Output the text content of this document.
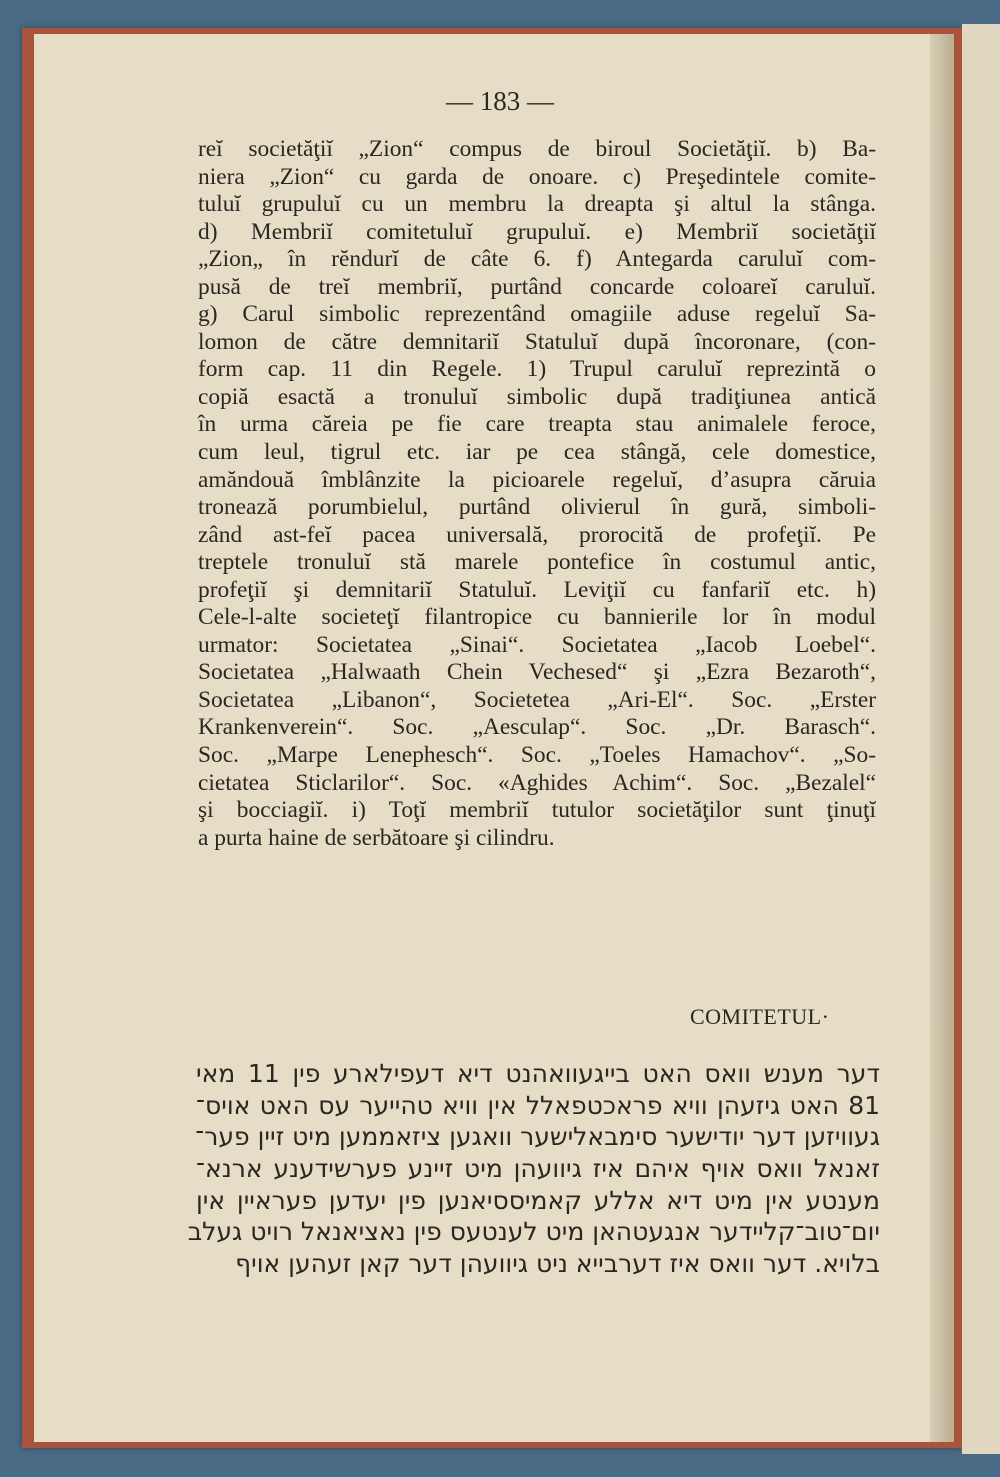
— 183 —
reĭ societăţiĭ „Zion“ compus de biroul Societăţiĭ. b) Ba-
niera „Zion“ cu garda de onoare. c) Preşedintele comite-
tuluĭ grupuluĭ cu un membru la dreapta şi altul la stânga.
d) Membriĭ comitetuluĭ grupuluĭ. e) Membriĭ societăţiĭ
„Zion„ în rĕndurĭ de câte 6. f) Antegarda caruluĭ com-
pusă de treĭ membriĭ, purtând concarde coloareĭ caruluĭ.
g) Carul simbolic reprezentând omagiile aduse regeluĭ Sa-
lomon de către demnitariĭ Statuluĭ după încoronare, (con-
form cap. 11 din Regele. 1) Trupul caruluĭ reprezintă o
copiă esactă a tronuluĭ simbolic după tradiţiunea antică
în urma căreia pe fie care treapta stau animalele feroce,
cum leul, tigrul etc. iar pe cea stângă, cele domestice,
amăndouă îmblânzite la picioarele regeluĭ, d’asupra căruia
tronează porumbielul, purtând olivierul în gură, simboli-
zând ast-feĭ pacea universală, prorocită de profeţiĭ. Pe
treptele tronuluĭ stă marele pontefice în costumul antic,
profeţiĭ şi demnitariĭ Statuluĭ. Leviţiĭ cu fanfariĭ etc. h)
Cele-l-alte societeţĭ filantropice cu bannierile lor în modul
urmator: Societatea „Sinai“. Societatea „Iacob Loebel“.
Societatea „Halwaath Chein Vechesed“ şi „Ezra Bezaroth“,
Societatea „Libanon“, Societetea „Ari-El“. Soc. „Erster
Krankenverein“. Soc. „Aesculap“. Soc. „Dr. Barasch“.
Soc. „Marpe Lenephesch“. Soc. „Toeles Hamachov“. „So-
cietatea Sticlarilor“. Soc. «Aghides Achim“. Soc. „Bezalel“
şi bocciagiĭ. i) Toţĭ membriĭ tutulor societăţilor sunt ţinuţĭ
a purta haine de serbătoare şi cilindru.
COMITETUL·
דער מענש וואס האט בייגעוואהנט דיא דעפילארע פין 11 מאי
81 האט גיזעהן וויא פראכטפאלל אין וויא טהייער עס האט אויס־
געוויזען דער יודישער סימבאלישער וואגען ציזאממען מיט זיין פער־
זאנאל וואס אויף איהם איז גיוועהן מיט זיינע פערשידענע ארנא־
מענטע אין מיט דיא אללע קאמיססיאנען פין יעדען פעראיין אין
יום־טוב־קליידער אנגעטהאן מיט לענטעס פין נאציאנאל רויט געלב
בלויא. דער וואס איז דערבייא ניט גיוועהן דער קאן זעהען אויף
